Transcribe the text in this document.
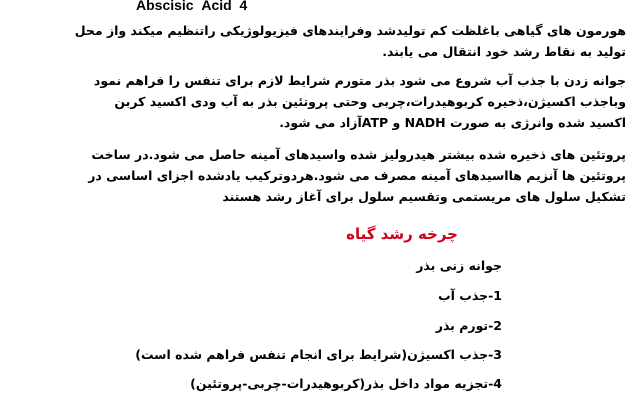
Abscisic Acid 4

هورمون های گیاهی باغلظت کم تولیدشد وفرایندهای فیزیولوژیکی راتنظیم میکند واز محل
تولید به نقاط رشد خود انتقال می یابند.

جوانه زدن با جذب آب شروع می شود بذر متورم شرایط لازم برای تنفس را فراهم نمود
وباجذب اکسیژن،ذخیره کربوهیدرات،چربی وحتی پروتئین بذر به آب ودی اکسید کربن
اکسید شده وانرژی به صورت NADH و ATPآزاد می شود.

پروتئین های ذخیره شده بیشتر هیدرولیز شده واسیدهای آمینه حاصل می شود.در ساخت
پروتئین ها آنزیم هااسیدهای آمینه مصرف می شود.هردوترکیب یادشده اجزای اساسی در
تشکیل سلول های مریستمی وتقسیم سلول برای آغاز رشد هستند

چرخه رشد گیاه
جوانه زنی بذر
1-جذب آب
2-تورم بذر
3-جذب اکسیژن(شرایط برای انجام تنفس فراهم شده است)
4-تجزیه مواد داخل بذر(کربوهیدرات-چربی-پروتئین)
